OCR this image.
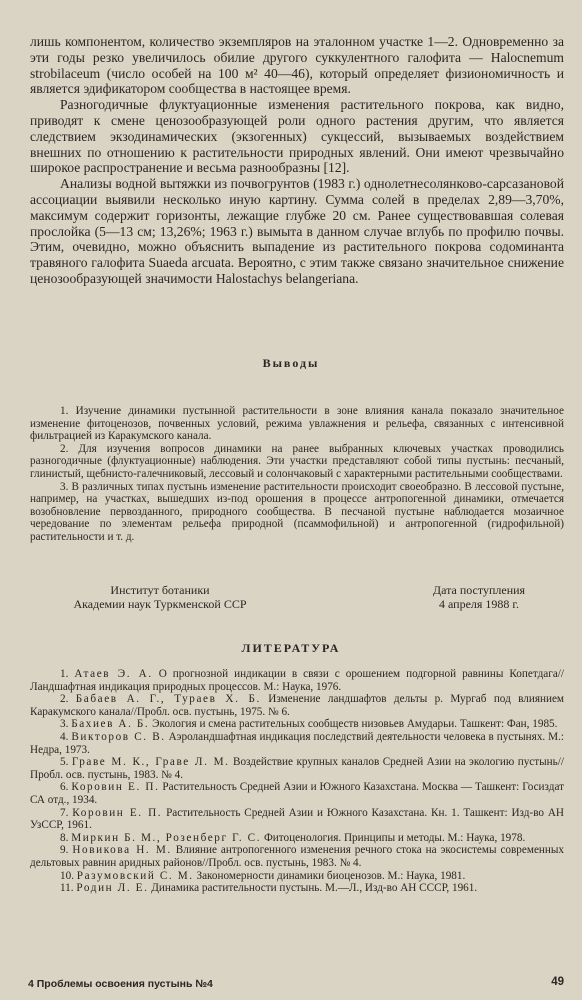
лишь компонентом, количество экземпляров на эталонном участке 1—2. Одновременно за эти годы резко увеличилось обилие другого суккулентного галофита — Halocnemum strobilaceum (число особей на 100 м² 40—46), который определяет физиономичность и является эдификатором сообщества в настоящее время.

Разногодичные флуктуационные изменения растительного покрова, как видно, приводят к смене ценозообразующей роли одного растения другим, что является следствием экзодинамических (экзогенных) сукцессий, вызываемых воздействием внешних по отношению к растительности природных явлений. Они имеют чрезвычайно широкое распространение и весьма разнообразны [12].

Анализы водной вытяжки из почвогрунтов (1983 г.) однолетнесолянково-сарсазановой ассоциации выявили несколько иную картину. Сумма солей в пределах 2,89—3,70%, максимум содержит горизонты, лежащие глубже 20 см. Ранее существовавшая солевая прослойка (5—13 см; 13,26%; 1963 г.) вымыта в данном случае вглубь по профилю почвы. Этим, очевидно, можно объяснить выпадение из растительного покрова содоминанта травяного галофита Suaeda arcuata. Вероятно, с этим также связано значительное снижение ценозообразующей значимости Halostachys belangeriana.

Выводы

1. Изучение динамики пустынной растительности в зоне влияния канала показало значительное изменение фитоценозов, почвенных условий, режима увлажнения и рельефа, связанных с интенсивной фильтрацией из Каракумского канала.

2. Для изучения вопросов динамики на ранее выбранных ключевых участках проводились разногодичные (флуктуационные) наблюдения. Эти участки представляют собой типы пустынь: песчаный, глинистый, щебнисто-галечниковый, лессовый и солончаковый с характерными растительными сообществами.

3. В различных типах пустынь изменение растительности происходит своеобразно. В лессовой пустыне, например, на участках, вышедших из-под орошения в процессе антропогенной динамики, отмечается возобновление первозданного, природного сообщества. В песчаной пустыне наблюдается мозаичное чередование по элементам рельефа природной (псаммофильной) и антропогенной (гидрофильной) растительности и т. д.

Институт ботаники
Академии наук Туркменской ССР
Дата поступления
4 апреля 1988 г.
ЛИТЕРАТУРА

1. Атаев Э. А. О прогнозной индикации в связи с орошением подгорной равнины Копетдага//Ландшафтная индикация природных процессов. М.: Наука, 1976.

2. Бабаев А. Г., Тураев Х. Б. Изменение ландшафтов дельты р. Мургаб под влиянием Каракумского канала//Пробл. осв. пустынь, 1975. № 6.

3. Бахиев А. Б. Экология и смена растительных сообществ низовьев Амударьи. Ташкент: Фан, 1985.

4. Викторов С. В. Аэроландшафтная индикация последствий деятельности человека в пустынях. М.: Недра, 1973.

5. Граве М. К., Граве Л. М. Воздействие крупных каналов Средней Азии на экологию пустынь//Пробл. осв. пустынь, 1983. № 4.

6. Коровин Е. П. Растительность Средней Азии и Южного Казахстана. Москва — Ташкент: Госиздат СА отд., 1934.

7. Коровин Е. П. Растительность Средней Азии и Южного Казахстана. Кн. 1. Ташкент: Изд-во АН УзССР, 1961.

8. Миркин Б. М., Розенберг Г. С. Фитоценология. Принципы и методы. М.: Наука, 1978.

9. Новикова Н. М. Влияние антропогенного изменения речного стока на экосистемы современных дельтовых равнин аридных районов//Пробл. осв. пустынь, 1983. № 4.

10. Разумовский С. М. Закономерности динамики биоценозов. М.: Наука, 1981.

11. Родин Л. Е. Динамика растительности пустынь. М.—Л., Изд-во АН СССР, 1961.

4 Проблемы освоения пустынь №4	49
